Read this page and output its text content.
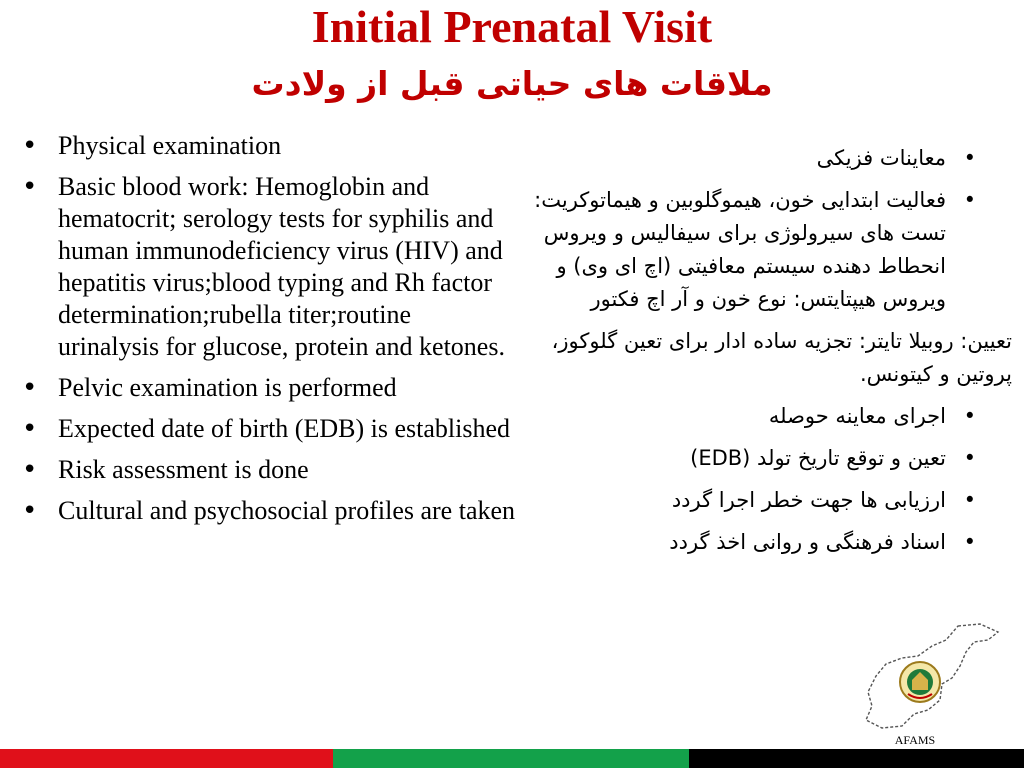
Initial Prenatal Visit
ملاقات های حیاتی قبل از ولادت
• Physical examination
• Basic blood work: Hemoglobin and hematocrit; serology tests for syphilis and human immunodeficiency virus (HIV) and hepatitis virus;blood typing and Rh factor determination;rubella titer;routine urinalysis for glucose, protein and ketones.
• Pelvic examination is performed
• Expected date of birth (EDB) is established
• Risk assessment is done
• Cultural and psychosocial profiles are taken
•
معاینات فزیکی
•
فعالیت ابتدایی خون، هیموگلوبین و هیماتوکریت: تست های سیرولوژی برای سیفالیس و ویروس انحطاط دهنده سیستم معافیتی (اچ ای وی) و ویروس هیپتایتس: نوع خون و آر اچ فکتور
تعیین: روبیلا تایتر: تجزیه ساده ادار برای تعین گلوکوز، پروتین و کیتونس.
•
اجرای معاینه حوصله
•
تعین و توقع تاریخ تولد (EDB)
•
ارزیابی ها جهت خطر اجرا گردد
•
اسناد فرهنگی و روانی اخذ گردد
AFAMS
